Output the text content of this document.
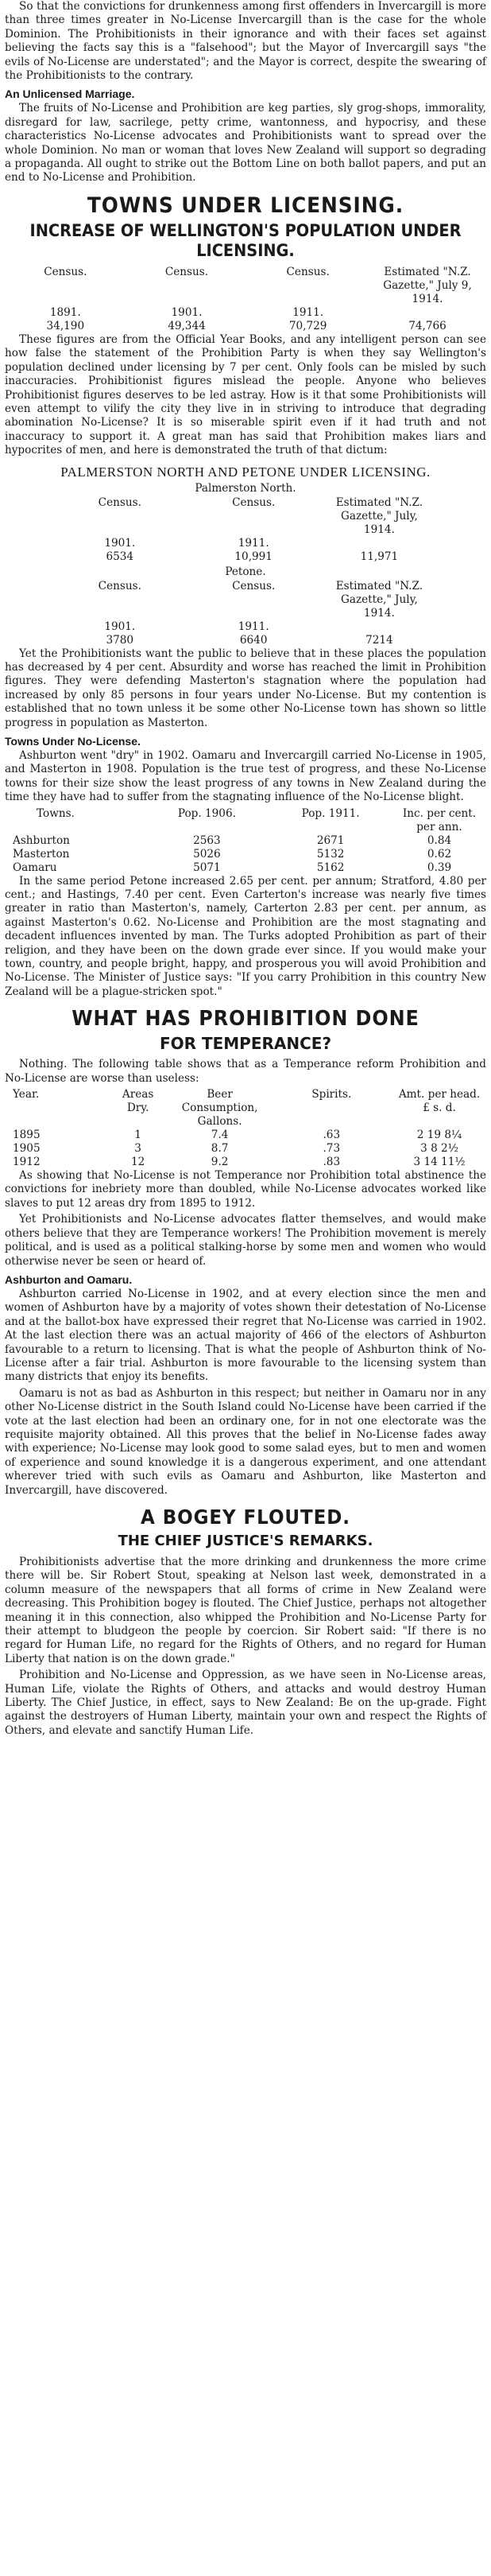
So that the convictions for drunkenness among first offenders in Invercargill is more than three times greater in No-License Invercargill than is the case for the whole Dominion. The Prohibitionists in their ignorance and with their faces set against believing the facts say this is a "falsehood"; but the Mayor of Invercargill says "the evils of No-License are understated"; and the Mayor is correct, despite the swearing of the Prohibitionists to the contrary.

An Unlicensed Marriage.

The fruits of No-License and Prohibition are keg parties, sly grog-shops, immorality, disregard for law, sacrilege, petty crime, wantonness, and hypocrisy, and these characteristics No-License advocates and Prohibitionists want to spread over the whole Dominion. No man or woman that loves New Zealand will support so degrading a propaganda. All ought to strike out the Bottom Line on both ballot papers, and put an end to No-License and Prohibition.

TOWNS UNDER LICENSING.
INCREASE OF WELLINGTON'S POPULATION UNDER LICENSING.
Census.	Census.	Census.	Estimated "N.Z. Gazette," July 9, 1914.
1891.	1901.	1911.	
34,190	49,344	70,729	74,766

These figures are from the Official Year Books, and any intelligent person can see how false the statement of the Prohibition Party is when they say Wellington's population declined under licensing by 7 per cent. Only fools can be misled by such inaccuracies. Prohibitionist figures mislead the people. Anyone who believes Prohibitionist figures deserves to be led astray. How is it that some Prohibitionists will even attempt to vilify the city they live in in striving to introduce that degrading abomination No-License? It is so miserable spirit even if it had truth and not inaccuracy to support it. A great man has said that Prohibition makes liars and hypocrites of men, and here is demonstrated the truth of that dictum:

PALMERSTON NORTH AND PETONE UNDER LICENSING.
Palmerston North.
Census.	Census.	Estimated "N.Z. Gazette," July, 1914.
1901.	1911.	
6534	10,991	11,971
Petone.
Census.	Census.	Estimated "N.Z. Gazette," July, 1914.
1901.	1911.	
3780	6640	7214

Yet the Prohibitionists want the public to believe that in these places the population has decreased by 4 per cent. Absurdity and worse has reached the limit in Prohibition figures. They were defending Masterton's stagnation where the population had increased by only 85 persons in four years under No-License. But my contention is established that no town unless it be some other No-License town has shown so little progress in population as Masterton.

Towns Under No-License.

Ashburton went "dry" in 1902. Oamaru and Invercargill carried No-License in 1905, and Masterton in 1908. Population is the true test of progress, and these No-License towns for their size show the least progress of any towns in New Zealand during the time they have had to suffer from the stagnating influence of the No-License blight.

Towns.	Pop. 1906.	Pop. 1911.	Inc. per cent. per ann.
Ashburton	2563	2671	0.84
Masterton	5026	5132	0.62
Oamaru	5071	5162	0.39

In the same period Petone increased 2.65 per cent. per annum; Stratford, 4.80 per cent.; and Hastings, 7.40 per cent. Even Carterton's increase was nearly five times greater in ratio than Masterton's, namely, Carterton 2.83 per cent. per annum, as against Masterton's 0.62. No-License and Prohibition are the most stagnating and decadent influences invented by man. The Turks adopted Prohibition as part of their religion, and they have been on the down grade ever since. If you would make your town, country, and people bright, happy, and prosperous you will avoid Prohibition and No-License. The Minister of Justice says: "If you carry Prohibition in this country New Zealand will be a plague-stricken spot."

WHAT HAS PROHIBITION DONE
FOR TEMPERANCE?

Nothing. The following table shows that as a Temperance reform Prohibition and No-License are worse than useless:

Year.	Areas Dry.	Beer Consumption, Gallons.	Spirits.	Amt. per head. £ s. d.
1895	1	7.4	.63	2 19 8¼
1905	3	8.7	.73	3 8 2½
1912	12	9.2	.83	3 14 11½

As showing that No-License is not Temperance nor Prohibition total abstinence the convictions for inebriety more than doubled, while No-License advocates worked like slaves to put 12 areas dry from 1895 to 1912.

Yet Prohibitionists and No-License advocates flatter themselves, and would make others believe that they are Temperance workers! The Prohibition movement is merely political, and is used as a political stalking-horse by some men and women who would otherwise never be seen or heard of.

Ashburton and Oamaru.

Ashburton carried No-License in 1902, and at every election since the men and women of Ashburton have by a majority of votes shown their detestation of No-License and at the ballot-box have expressed their regret that No-License was carried in 1902. At the last election there was an actual majority of 466 of the electors of Ashburton favourable to a return to licensing. That is what the people of Ashburton think of No-License after a fair trial. Ashburton is more favourable to the licensing system than many districts that enjoy its benefits.

Oamaru is not as bad as Ashburton in this respect; but neither in Oamaru nor in any other No-License district in the South Island could No-License have been carried if the vote at the last election had been an ordinary one, for in not one electorate was the requisite majority obtained. All this proves that the belief in No-License fades away with experience; No-License may look good to some salad eyes, but to men and women of experience and sound knowledge it is a dangerous experiment, and one attendant wherever tried with such evils as Oamaru and Ashburton, like Masterton and Invercargill, have discovered.

A BOGEY FLOUTED.
THE CHIEF JUSTICE'S REMARKS.

Prohibitionists advertise that the more drinking and drunkenness the more crime there will be. Sir Robert Stout, speaking at Nelson last week, demonstrated in a column measure of the newspapers that all forms of crime in New Zealand were decreasing. This Prohibition bogey is flouted. The Chief Justice, perhaps not altogether meaning it in this connection, also whipped the Prohibition and No-License Party for their attempt to bludgeon the people by coercion. Sir Robert said: "If there is no regard for Human Life, no regard for the Rights of Others, and no regard for Human Liberty that nation is on the down grade."

Prohibition and No-License and Oppression, as we have seen in No-License areas, Human Life, violate the Rights of Others, and attacks and would destroy Human Liberty. The Chief Justice, in effect, says to New Zealand: Be on the up-grade. Fight against the destroyers of Human Liberty, maintain your own and respect the Rights of Others, and elevate and sanctify Human Life.
